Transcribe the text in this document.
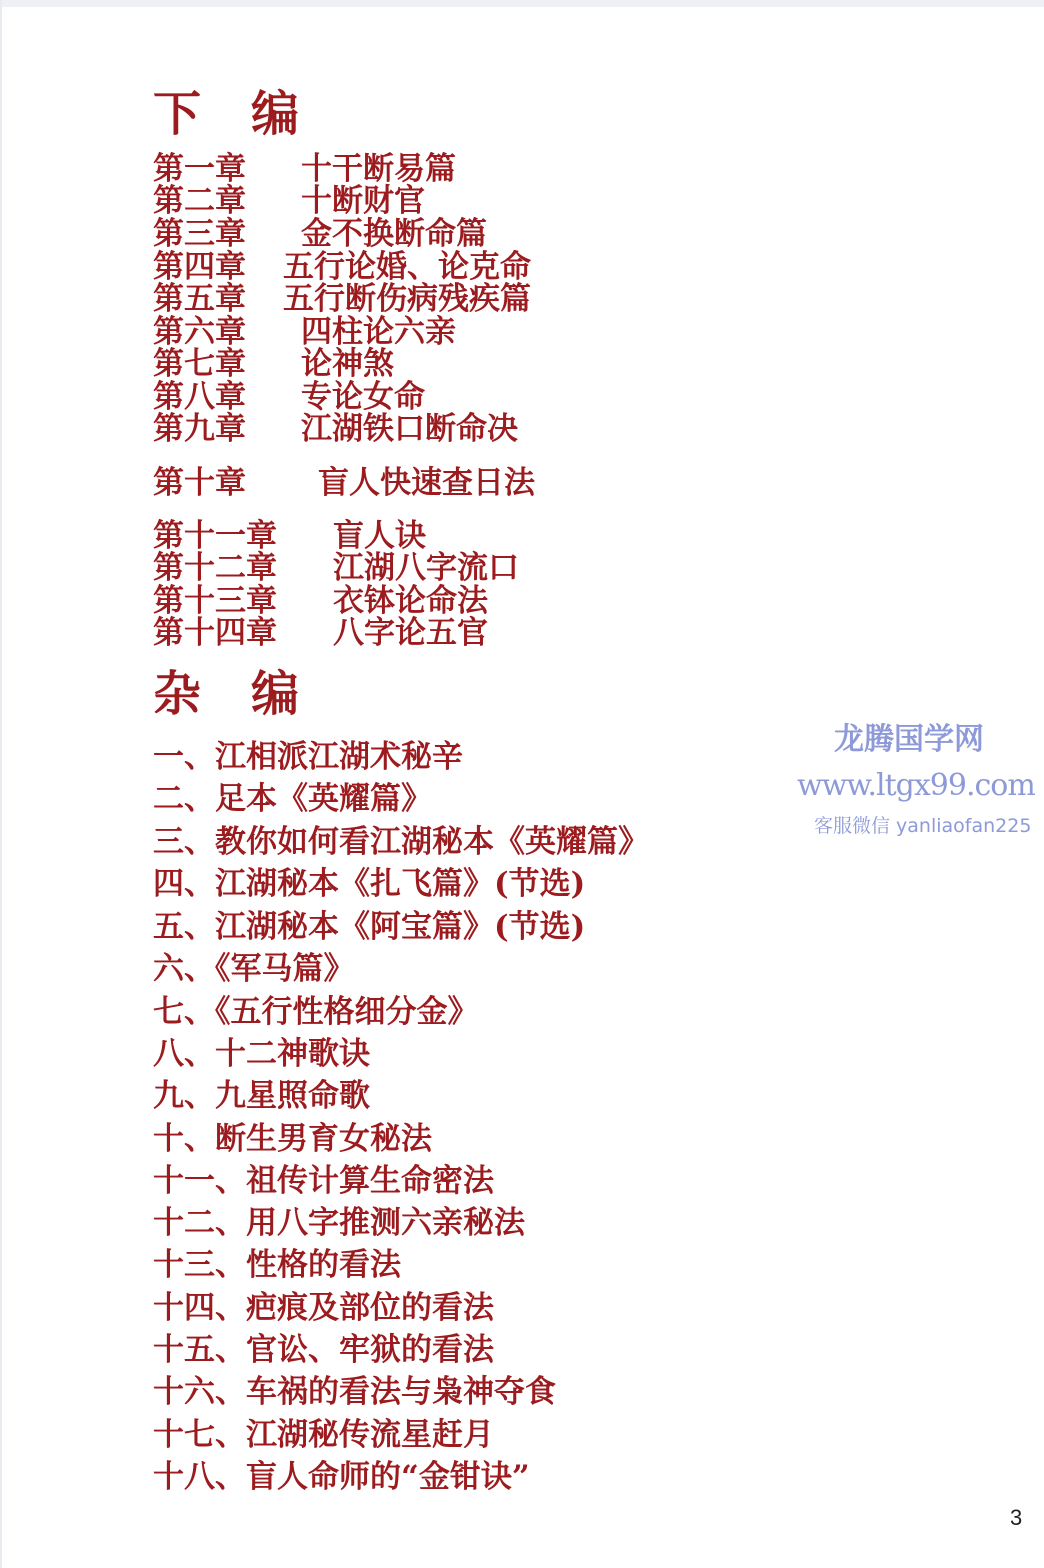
下 编
第一章 十干断易篇
第二章 十断财官
第三章 金不换断命篇
第四章 五行论婚、论克命
第五章 五行断伤病残疾篇
第六章 四柱论六亲
第七章 论神煞
第八章 专论女命
第九章 江湖铁口断命决
第十章 盲人快速查日法
第十一章 盲人诀
第十二章 江湖八字流口
第十三章 衣钵论命法
第十四章 八字论五官
杂 编
一、江相派江湖术秘辛
二、足本《英耀篇》
三、教你如何看江湖秘本《英耀篇》
四、江湖秘本《扎飞篇》(节选)
五、江湖秘本《阿宝篇》(节选)
六、《军马篇》
七、《五行性格细分金》
八、十二神歌诀
九、九星照命歌
十、断生男育女秘法
十一、祖传计算生命密法
十二、用八字推测六亲秘法
十三、性格的看法
十四、疤痕及部位的看法
十五、官讼、牢狱的看法
十六、车祸的看法与枭神夺食
十七、江湖秘传流星赶月
十八、盲人命师的“金钳诀”
龙腾国学网
www.ltgx99.com
客服微信 yanliaofan225
3
